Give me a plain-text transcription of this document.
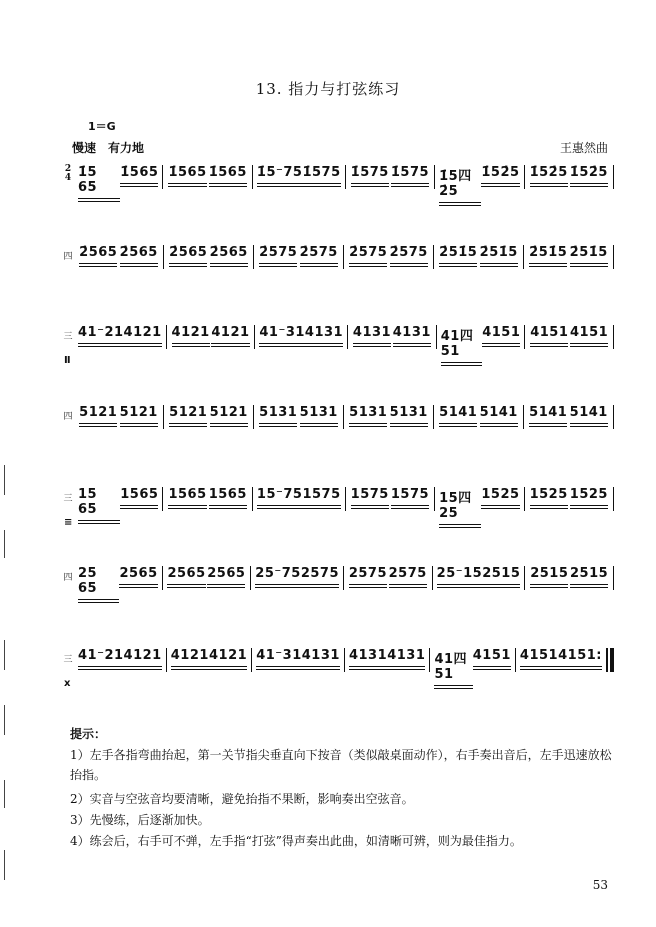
13. 指力与打弦练习
1＝G
慢速　有力地	王惠然曲
2
4 1̇5 65
1̇565 1̇565 1̇565 1̇5⁻75 1̇575 1̇575 1̇575 1̇5四2̇5
1̇52̇5 1̇52̇5 1̇52̇5
四 2̇565 2̇565 2̇565 2̇565 2̇575 2̇575 2̇575 2̇575 2̇51̇5 2̇51̇5 2̇51̇5 2̇51̇5
三 41⁻21 4121 4121 4121 41⁻31 4131 4131 4131 41四51
4151 4151 4151
Ⅱ
四 5121 5121 5121 5121 5131 5131 5131 5131 5141 5141 5141 5141
三 15 65
1565 1565 1565 15⁻75 1575 1575 1575 15四25
1525 1525 1525
≡
四 25 65
2565 2565 2565 25⁻75 2575 2575 2575 25⁻15 2515 2515 2515
三 41⁻21 4121 4121 4121 41⁻31 4131 4131 4131 41四51
4151 4151 4151:
x
提示：
1）左手各指弯曲抬起，第一关节指尖垂直向下按音（类似敲桌面动作），右手奏出音后，左手迅速放松抬指。
2）实音与空弦音均要清晰，避免抬指不果断，影响奏出空弦音。
3）先慢练，后逐渐加快。
4）练会后，右手可不弹，左手指“打弦”得声奏出此曲，如清晰可辨，则为最佳指力。
53
